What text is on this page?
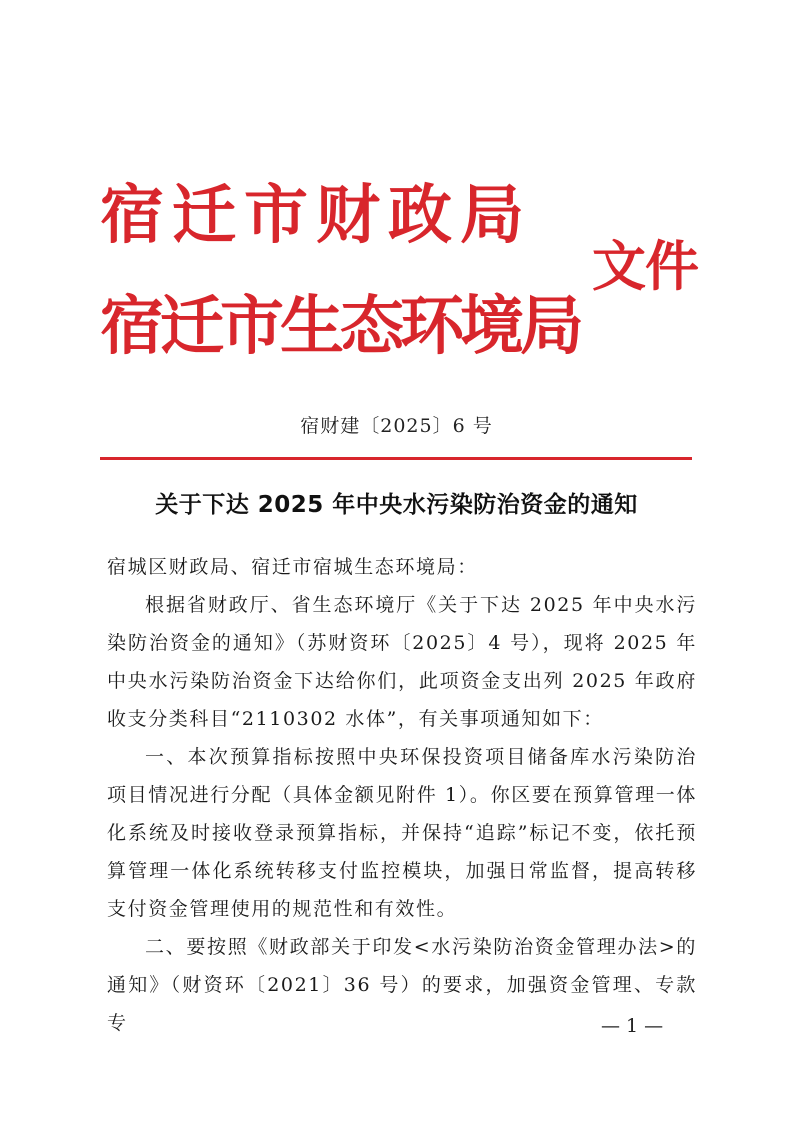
宿迁市财政局
宿迁市生态环境局
文件
宿财建〔2025〕6 号
关于下达 2025 年中央水污染防治资金的通知

宿城区财政局、宿迁市宿城生态环境局：

根据省财政厅、省生态环境厅《关于下达 2025 年中央水污染防治资金的通知》（苏财资环〔2025〕4 号），现将 2025 年中央水污染防治资金下达给你们，此项资金支出列 2025 年政府收支分类科目“2110302 水体”，有关事项通知如下：

一、本次预算指标按照中央环保投资项目储备库水污染防治项目情况进行分配（具体金额见附件 1）。你区要在预算管理一体化系统及时接收登录预算指标，并保持“追踪”标记不变，依托预算管理一体化系统转移支付监控模块，加强日常监督，提高转移支付资金管理使用的规范性和有效性。

二、要按照《财政部关于印发<水污染防治资金管理办法>的通知》（财资环〔2021〕36 号）的要求，加强资金管理、专款专	— 1 —
